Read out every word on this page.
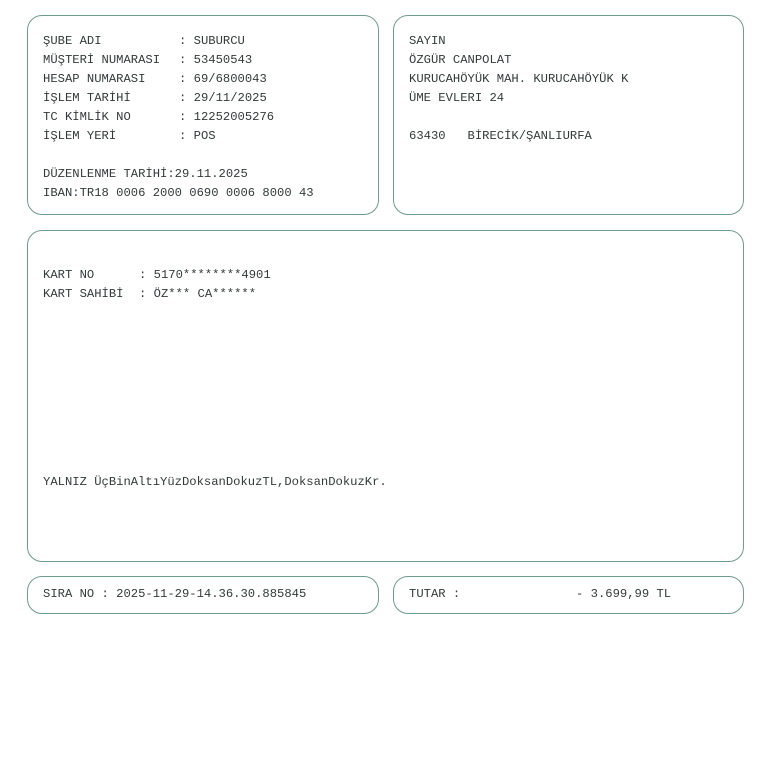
ŞUBE ADI	: SUBURCU
MÜŞTERİ NUMARASI : 53450543
HESAP NUMARASI	: 69/6800043
İŞLEM TARİHİ	: 29/11/2025
TC KİMLİK NO	: 12252005276
İŞLEM YERİ	: POS
DÜZENLENME TARİHİ:29.11.2025
IBAN:TR18 0006 2000 0690 0006 8000 43
SAYIN
ÖZGÜR CANPOLAT
KURUCAHÖYÜK MAH. KURUCAHÖYÜK K
ÜME EVLERI 24
63430   BİRECİK/ŞANLIURFA
KART NO	: 5170********4901
KART SAHİBİ : ÖZ*** CA******
YALNIZ ÜçBinAltıYüzDoksanDokuzTL,DoksanDokuzKr.
SIRA NO : 2025-11-29-14.36.30.885845	TUTAR :	- 3.699,99 TL
